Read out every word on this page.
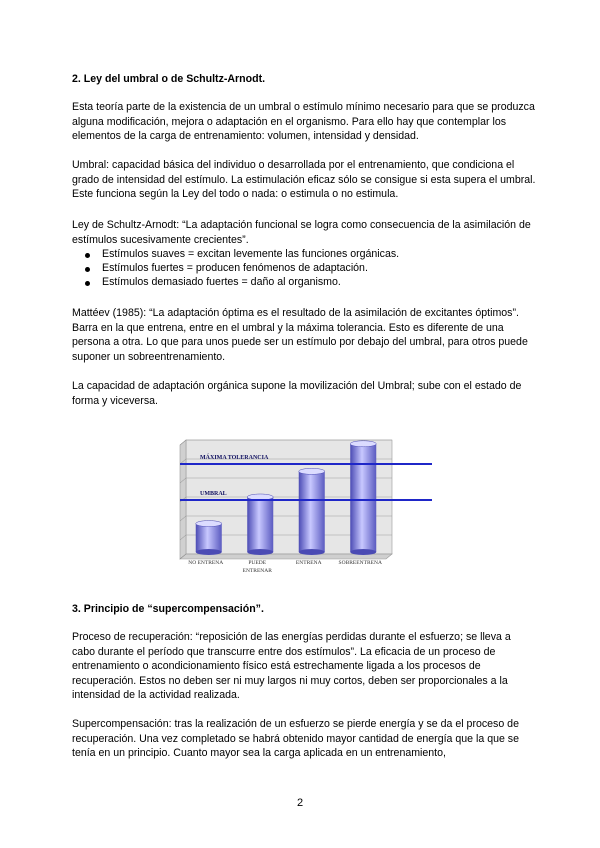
2. Ley del umbral o de Schultz-Arnodt.
Esta teoría parte de la existencia de un umbral o estímulo mínimo necesario para que se produzca alguna modificación, mejora o adaptación en el organismo. Para ello hay que contemplar los elementos de la carga de entrenamiento: volumen, intensidad y densidad.
Umbral: capacidad básica del individuo o desarrollada por el entrenamiento, que condiciona el grado de intensidad del estímulo. La estimulación eficaz sólo se consigue si esta supera el umbral. Este funciona según la Ley del todo o nada: o estimula o no estimula.
Ley de Schultz-Arnodt: “La adaptación funcional se logra como consecuencia de la asimilación de estímulos sucesivamente crecientes”.
Estímulos suaves = excitan levemente las funciones orgánicas.
Estímulos fuertes = producen fenómenos de adaptación.
Estímulos demasiado fuertes = daño al organismo.
Mattéev (1985): “La adaptación óptima es el resultado de la asimilación de excitantes óptimos”. Barra en la que entrena, entre en el umbral y la máxima tolerancia. Esto es diferente de una persona a otra. Lo que para unos puede ser un estímulo por debajo del umbral, para otros puede suponer un sobreentrenamiento.
La capacidad de adaptación orgánica supone la movilización del Umbral; sube con el estado de forma y viceversa.
MÁXIMA TOLERANCIA
UMBRAL
NO ENTRENA	PUEDE
ENTRENAR
ENTRENA	SOBREENTRENA
3. Principio de “supercompensación”.
Proceso de recuperación: “reposición de las energías perdidas durante el esfuerzo; se lleva a cabo durante el período que transcurre entre dos estímulos”. La eficacia de un proceso de entrenamiento o acondicionamiento físico está estrechamente ligada a los procesos de recuperación. Estos no deben ser ni muy largos ni muy cortos, deben ser proporcionales a la intensidad de la actividad realizada.
Supercompensación: tras la realización de un esfuerzo se pierde energía y se da el proceso de recuperación. Una vez completado se habrá obtenido mayor cantidad de energía que la que se tenía en un principio. Cuanto mayor sea la carga aplicada en un entrenamiento,
2
